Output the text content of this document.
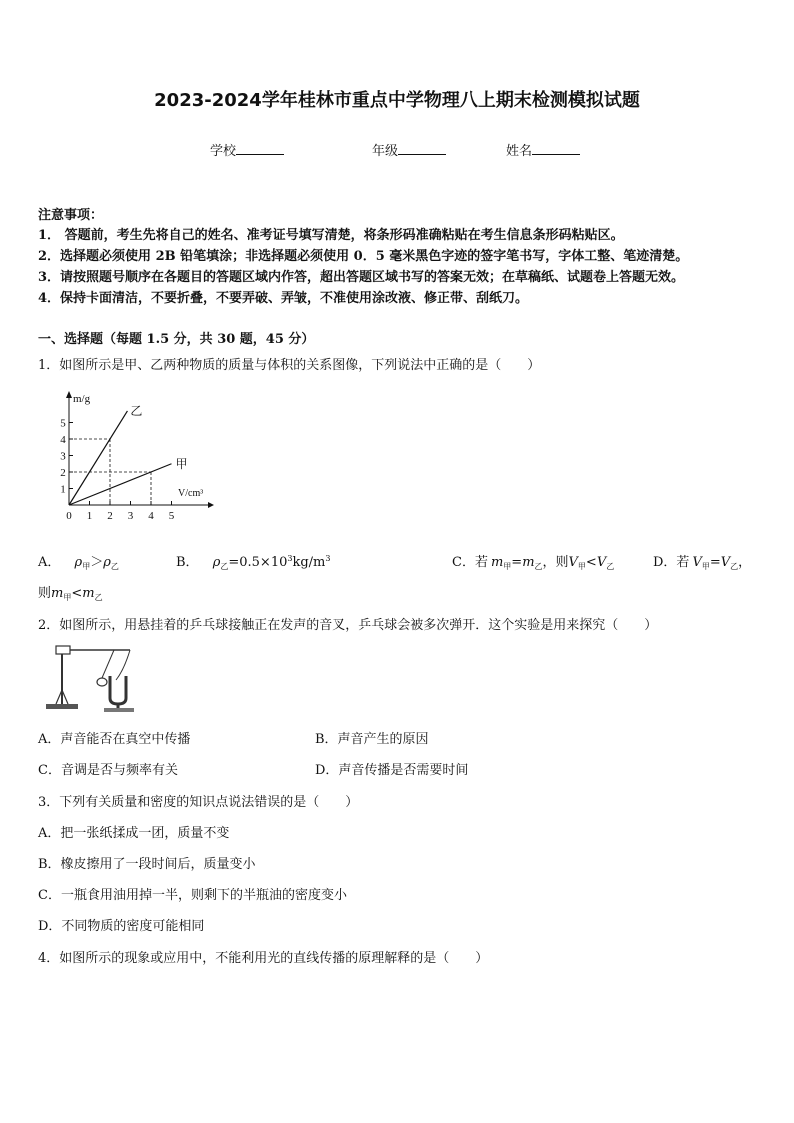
2023-2024学年桂林市重点中学物理八上期末检测模拟试题
学校	年级	姓名
注意事项：
1． 答题前，考生先将自己的姓名、准考证号填写清楚，将条形码准确粘贴在考生信息条形码粘贴区。
2．选择题必须使用 2B 铅笔填涂；非选择题必须使用 0．5 毫米黑色字迹的签字笔书写，字体工整、笔迹清楚。
3．请按照题号顺序在各题目的答题区域内作答，超出答题区域书写的答案无效；在草稿纸、试题卷上答题无效。
4．保持卡面清洁，不要折叠，不要弄破、弄皱，不准使用涂改液、修正带、刮纸刀。
一、选择题（每题 1.5 分，共 30 题，45 分）
1．如图所示是甲、乙两种物质的质量与体积的关系图像，下列说法中正确的是（　　）
1
2
3
4
5
0 1 2 3 4 5
乙
甲
m/g
V/cm³
A． $\rho_甲>\rho_乙$	B． $\rho_乙=0.5\times 10^3kg/m^3$	C．若 $m_甲=m_乙$，则$V_甲<V_乙$	D．若 $V_甲=V_乙$，
则$m_甲<m_乙$
2．如图所示，用悬挂着的乒乓球接触正在发声的音叉，乒乓球会被多次弹开．这个实验是用来探究（　　）
A．声音能否在真空中传播	B．声音产生的原因
C．音调是否与频率有关	D．声音传播是否需要时间
3．下列有关质量和密度的知识点说法错误的是（　　）
A．把一张纸揉成一团，质量不变
B．橡皮擦用了一段时间后，质量变小
C．一瓶食用油用掉一半，则剩下的半瓶油的密度变小
D．不同物质的密度可能相同
4．如图所示的现象或应用中，不能利用光的直线传播的原理解释的是（　　）
